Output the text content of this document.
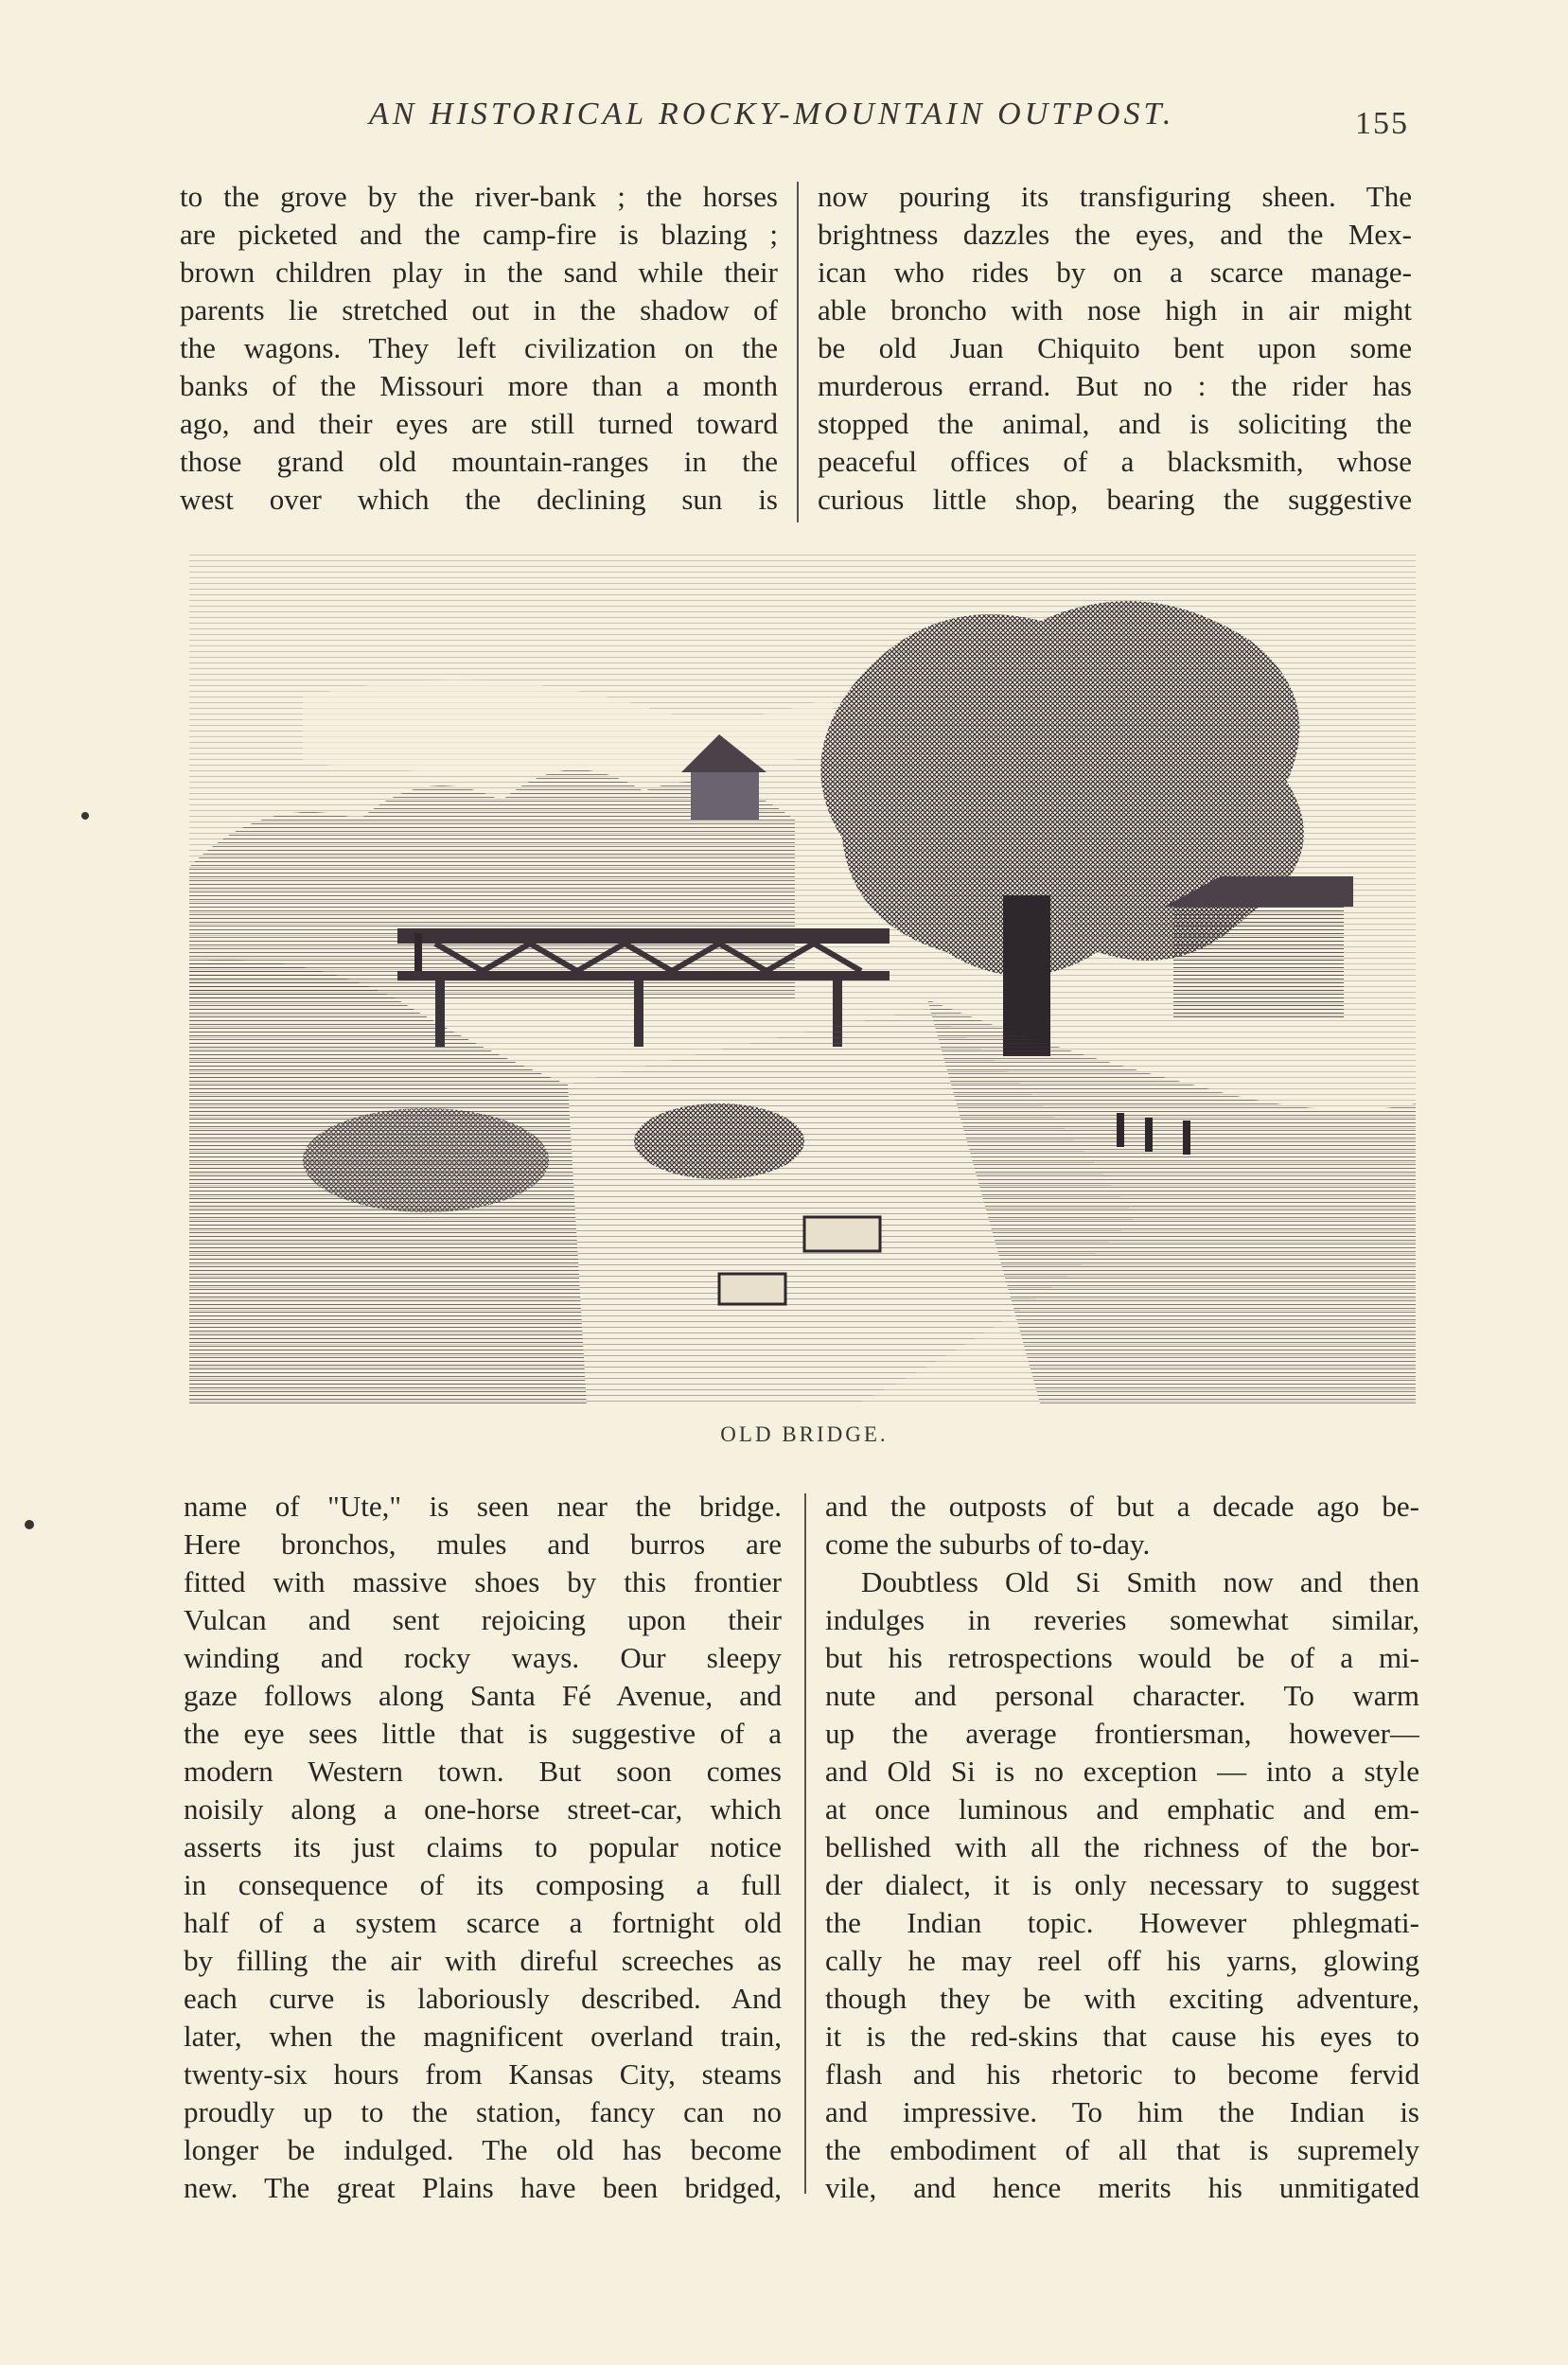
AN HISTORICAL ROCKY-MOUNTAIN OUTPOST.	155
to the grove by the river-bank ; the horses
are picketed and the camp-fire is blazing ;
brown children play in the sand while their
parents lie stretched out in the shadow of
the wagons. They left civilization on the
banks of the Missouri more than a month
ago, and their eyes are still turned toward
those grand old mountain-ranges in the
west over which the declining sun is
now pouring its transfiguring sheen. The
brightness dazzles the eyes, and the Mex-
ican who rides by on a scarce manage-
able broncho with nose high in air might
be old Juan Chiquito bent upon some
murderous errand. But no : the rider has
stopped the animal, and is soliciting the
peaceful offices of a blacksmith, whose
curious little shop, bearing the suggestive
OLD BRIDGE.
name of "Ute," is seen near the bridge.
Here bronchos, mules and burros are
fitted with massive shoes by this frontier
Vulcan and sent rejoicing upon their
winding and rocky ways. Our sleepy
gaze follows along Santa Fé Avenue, and
the eye sees little that is suggestive of a
modern Western town. But soon comes
noisily along a one-horse street-car, which
asserts its just claims to popular notice
in consequence of its composing a full
half of a system scarce a fortnight old
by filling the air with direful screeches as
each curve is laboriously described. And
later, when the magnificent overland train,
twenty-six hours from Kansas City, steams
proudly up to the station, fancy can no
longer be indulged. The old has become
new. The great Plains have been bridged,
and the outposts of but a decade ago be-
come the suburbs of to-day.
Doubtless Old Si Smith now and then
indulges in reveries somewhat similar,
but his retrospections would be of a mi-
nute and personal character. To warm
up the average frontiersman, however—
and Old Si is no exception — into a style
at once luminous and emphatic and em-
bellished with all the richness of the bor-
der dialect, it is only necessary to suggest
the Indian topic. However phlegmati-
cally he may reel off his yarns, glowing
though they be with exciting adventure,
it is the red-skins that cause his eyes to
flash and his rhetoric to become fervid
and impressive. To him the Indian is
the embodiment of all that is supremely
vile, and hence merits his unmitigated
